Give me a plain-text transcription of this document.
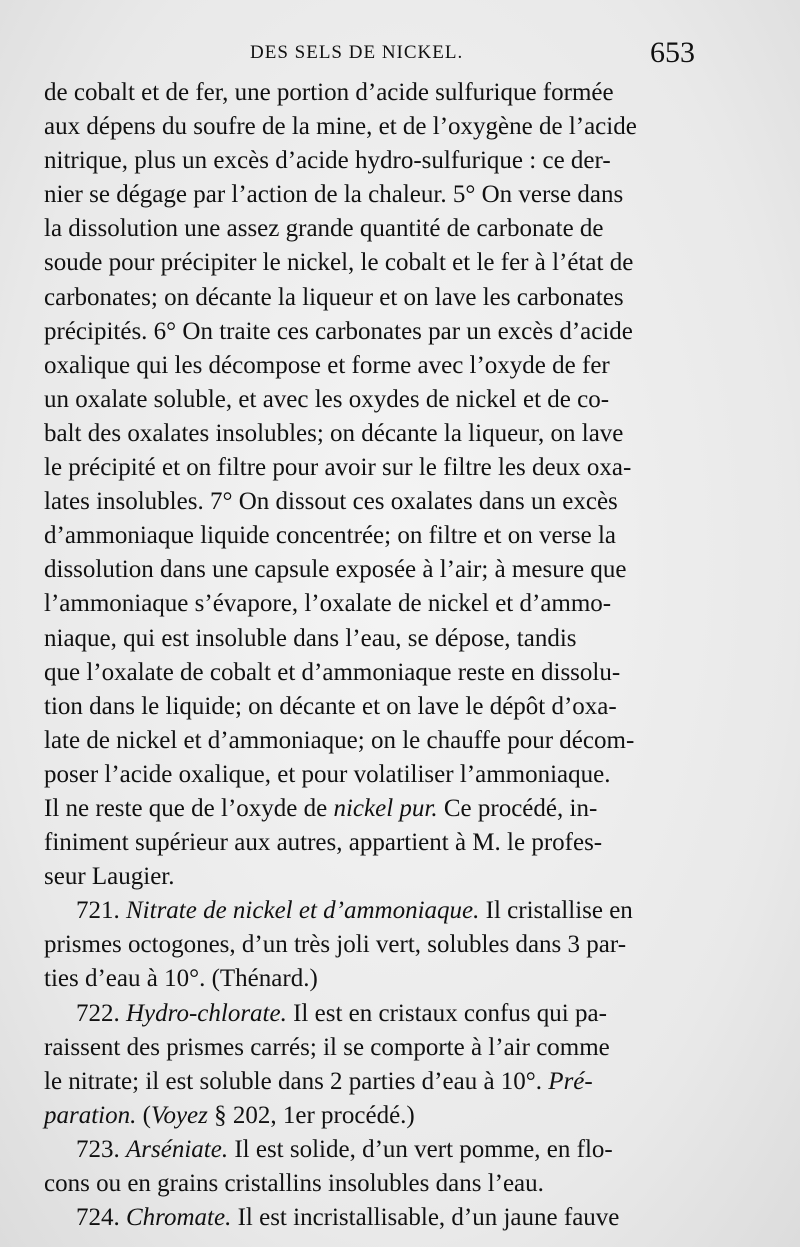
DES SELS DE NICKEL.	653
de cobalt et de fer, une portion d’acide sulfurique formée
aux dépens du soufre de la mine, et de l’oxygène de l’acide
nitrique, plus un excès d’acide hydro-sulfurique : ce der-
nier se dégage par l’action de la chaleur. 5° On verse dans
la dissolution une assez grande quantité de carbonate de
soude pour précipiter le nickel, le cobalt et le fer à l’état de
carbonates; on décante la liqueur et on lave les carbonates
précipités. 6° On traite ces carbonates par un excès d’acide
oxalique qui les décompose et forme avec l’oxyde de fer
un oxalate soluble, et avec les oxydes de nickel et de co-
balt des oxalates insolubles; on décante la liqueur, on lave
le précipité et on filtre pour avoir sur le filtre les deux oxa-
lates insolubles. 7° On dissout ces oxalates dans un excès
d’ammoniaque liquide concentrée; on filtre et on verse la
dissolution dans une capsule exposée à l’air; à mesure que
l’ammoniaque s’évapore, l’oxalate de nickel et d’ammo-
niaque, qui est insoluble dans l’eau, se dépose, tandis
que l’oxalate de cobalt et d’ammoniaque reste en dissolu-
tion dans le liquide; on décante et on lave le dépôt d’oxa-
late de nickel et d’ammoniaque; on le chauffe pour décom-
poser l’acide oxalique, et pour volatiliser l’ammoniaque.
Il ne reste que de l’oxyde de nickel pur. Ce procédé, in-
finiment supérieur aux autres, appartient à M. le profes-
seur Laugier.
721. Nitrate de nickel et d’ammoniaque. Il cristallise en
prismes octogones, d’un très joli vert, solubles dans 3 par-
ties d’eau à 10°. (Thénard.)
722. Hydro-chlorate. Il est en cristaux confus qui pa-
raissent des prismes carrés; il se comporte à l’air comme
le nitrate; il est soluble dans 2 parties d’eau à 10°. Pré-
paration. (Voyez § 202, 1er procédé.)
723. Arséniate. Il est solide, d’un vert pomme, en flo-
cons ou en grains cristallins insolubles dans l’eau.
724. Chromate. Il est incristallisable, d’un jaune fauve
